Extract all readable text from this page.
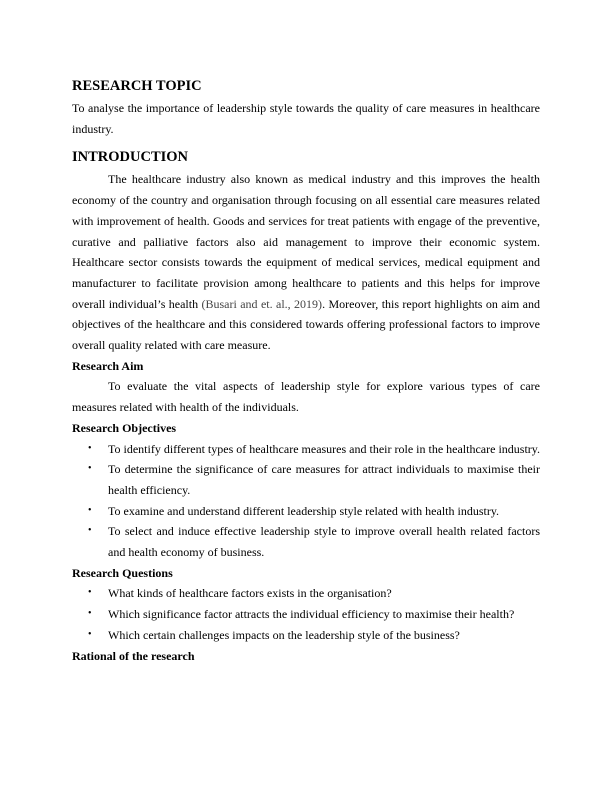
RESEARCH TOPIC

To analyse the importance of leadership style towards the quality of care measures in healthcare industry.

INTRODUCTION

The healthcare industry also known as medical industry and this improves the health economy of the country and organisation through focusing on all essential care measures related with improvement of health. Goods and services for treat patients with engage of the preventive, curative and palliative factors also aid management to improve their economic system. Healthcare sector consists towards the equipment of medical services, medical equipment and manufacturer to facilitate provision among healthcare to patients and this helps for improve overall individual’s health (Busari and et. al., 2019). Moreover, this report highlights on aim and objectives of the healthcare and this considered towards offering professional factors to improve overall quality related with care measure.

Research Aim

To evaluate the vital aspects of leadership style for explore various types of care measures related with health of the individuals.

Research Objectives
• To identify different types of healthcare measures and their role in the healthcare industry.
• To determine the significance of care measures for attract individuals to maximise their health efficiency.
• To examine and understand different leadership style related with health industry.
• To select and induce effective leadership style to improve overall health related factors and health economy of business.
Research Questions
• What kinds of healthcare factors exists in the organisation?
• Which significance factor attracts the individual efficiency to maximise their health?
• Which certain challenges impacts on the leadership style of the business?
Rational of the research
